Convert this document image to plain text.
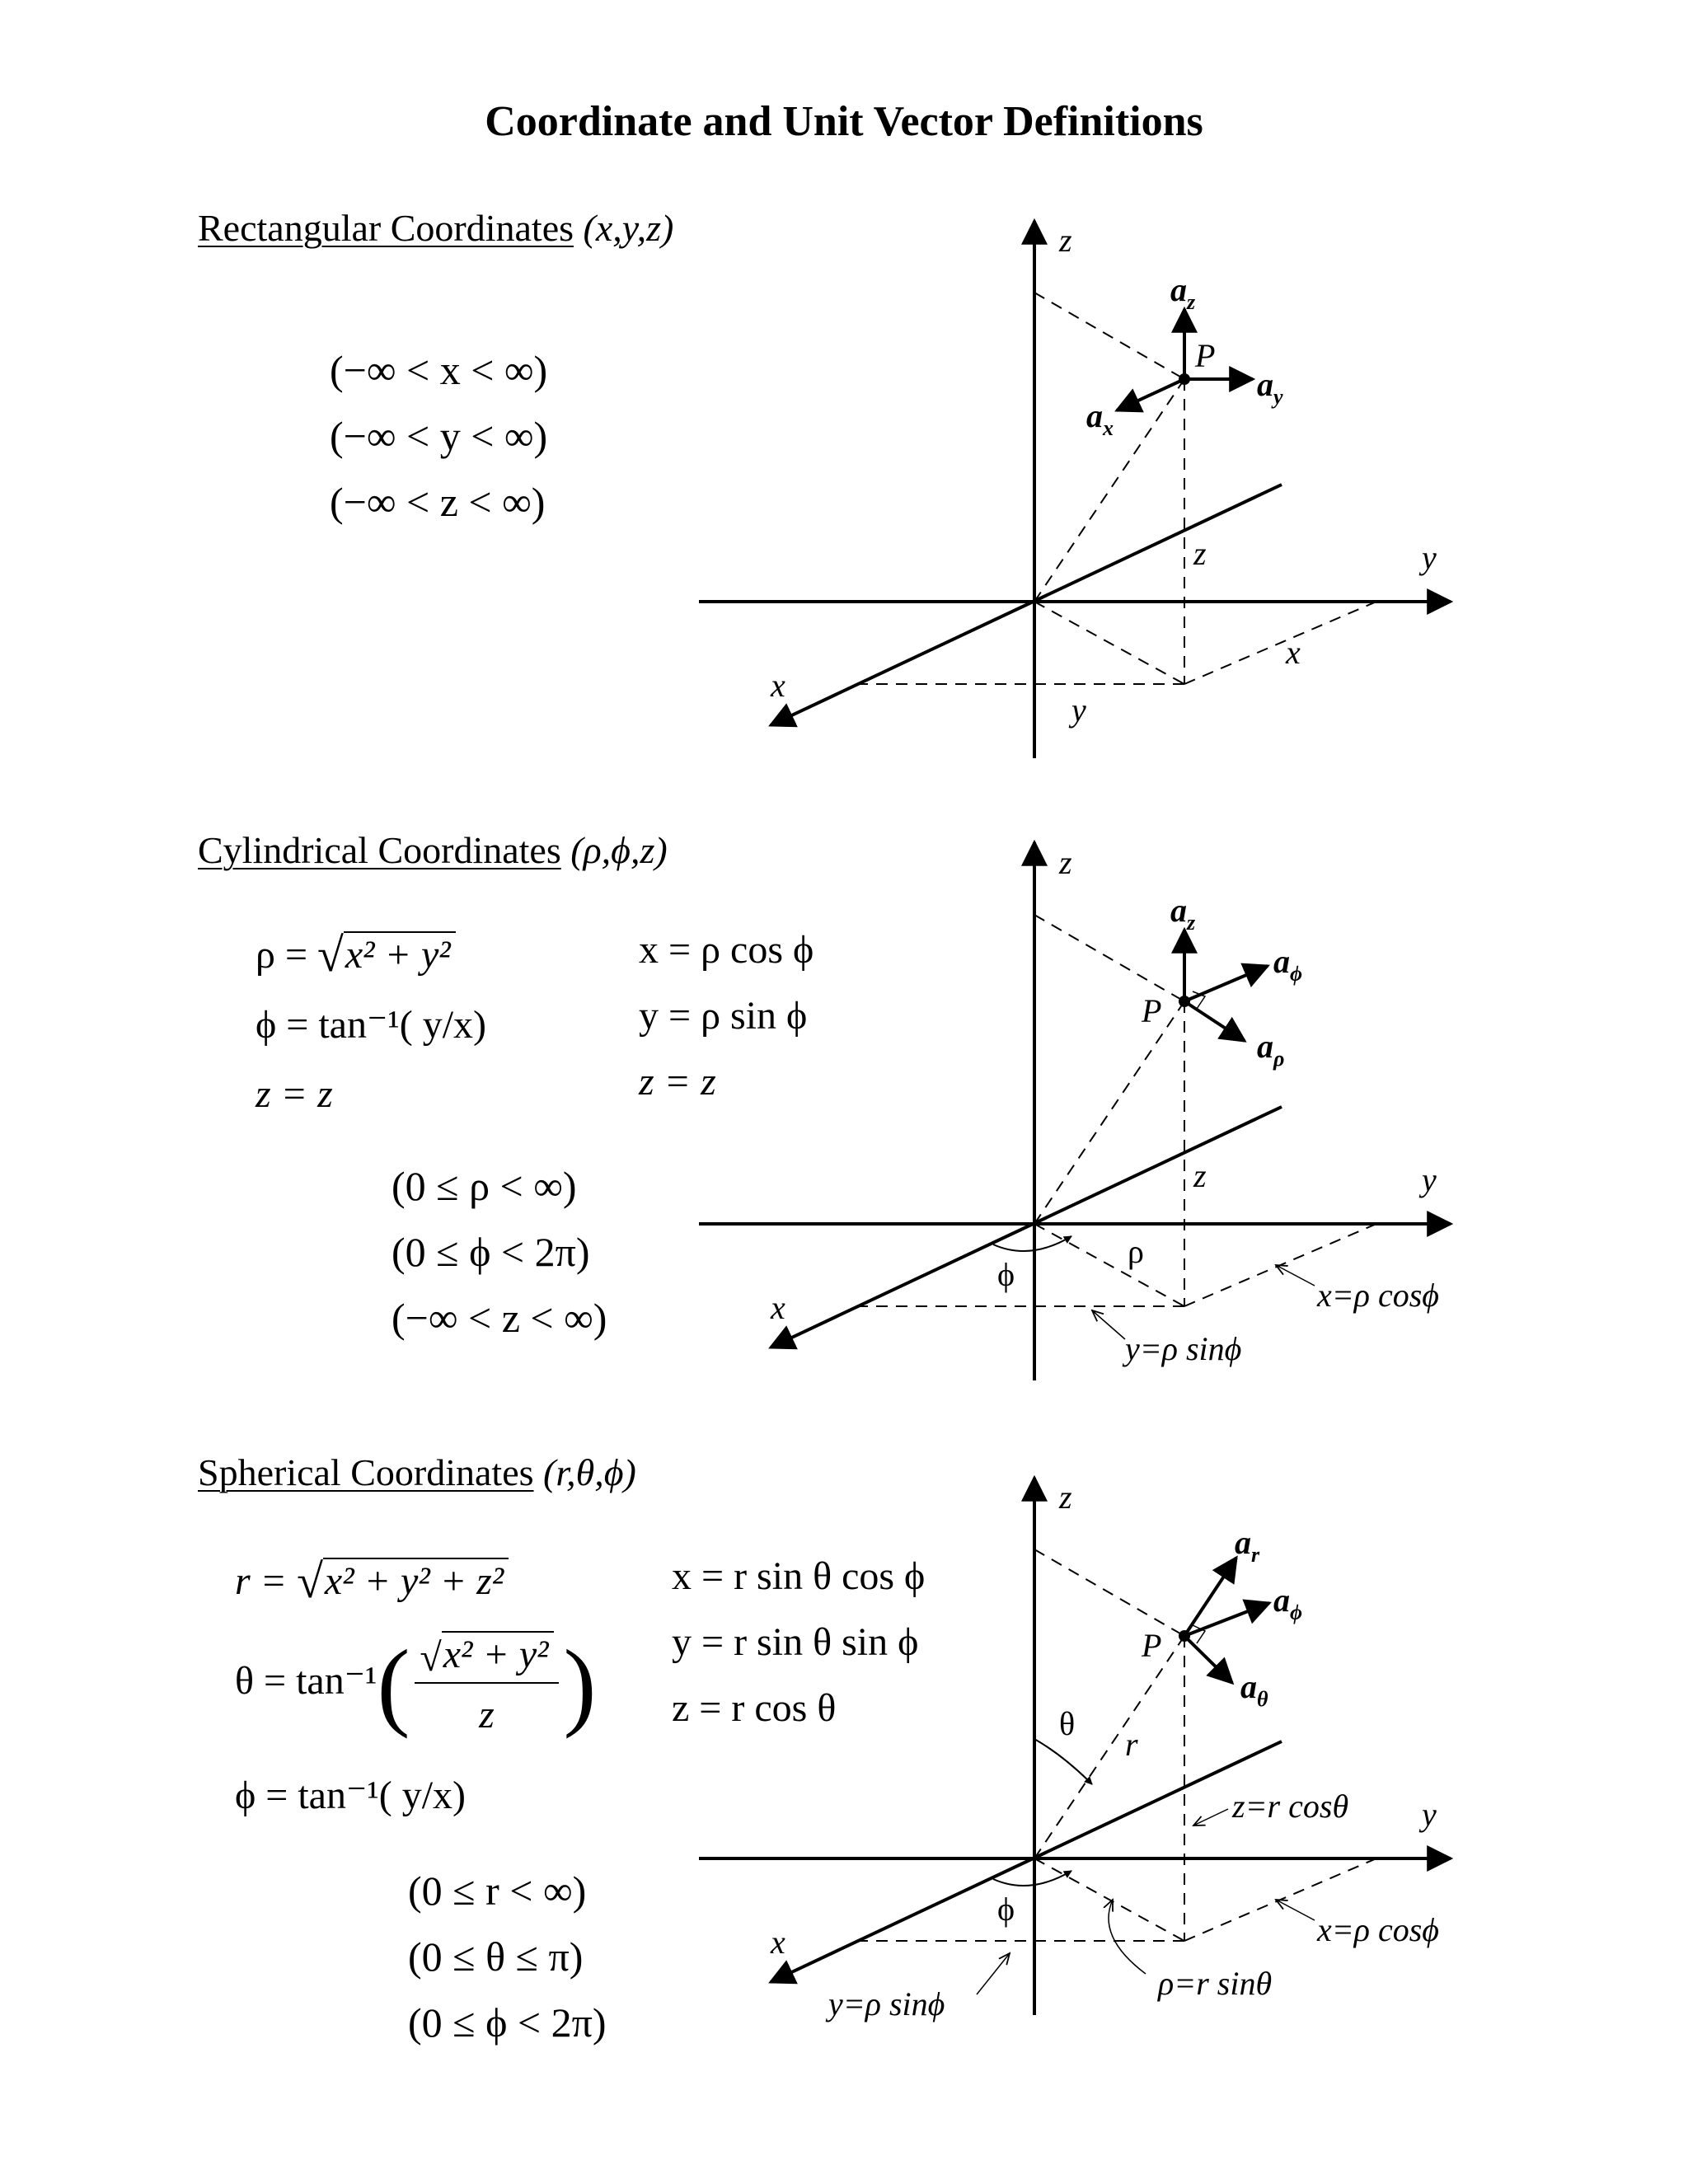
Coordinate and Unit Vector Definitions
Rectangular Coordinates (x,y,z)
(−∞ < x < ∞)
(−∞ < y < ∞)
(−∞ < z < ∞)
Cylindrical Coordinates (ρ,ϕ,z)
ρ = √x² + y²
ϕ = tan⁻¹( y/x)
z = z
x = ρ cos ϕ
y = ρ sin ϕ
z = z
(0 ≤ ρ < ∞)
(0 ≤ ϕ < 2π)
(−∞ < z < ∞)
Spherical Coordinates (r,θ,ϕ)
r = √x² + y² + z²
$\theta = \tan^{-1}( \frac{\text{√x² + y²}}{z}$ )
ϕ = tan⁻¹( y/x)
x = r sin θ cos ϕ
y = r sin θ sin ϕ
z = r cos θ
(0 ≤ r < ∞)
(0 ≤ θ ≤ π)
(0 ≤ ϕ < 2π)
z
y
x
P
$a_z$
$a_y$
$a_x$
z
x
y
z
y
x
P
$a_z$
$a_\phi$
$a_\rho$
z
ρ
ϕ
x=ρ cosϕ
y=ρ sinϕ
z
y
x
P
$a_r$
$a_\phi$
$a_\theta$
θ
r
z=r cosθ
x=ρ cosϕ
ϕ
ρ=r sinθ
y=ρ sinϕ
